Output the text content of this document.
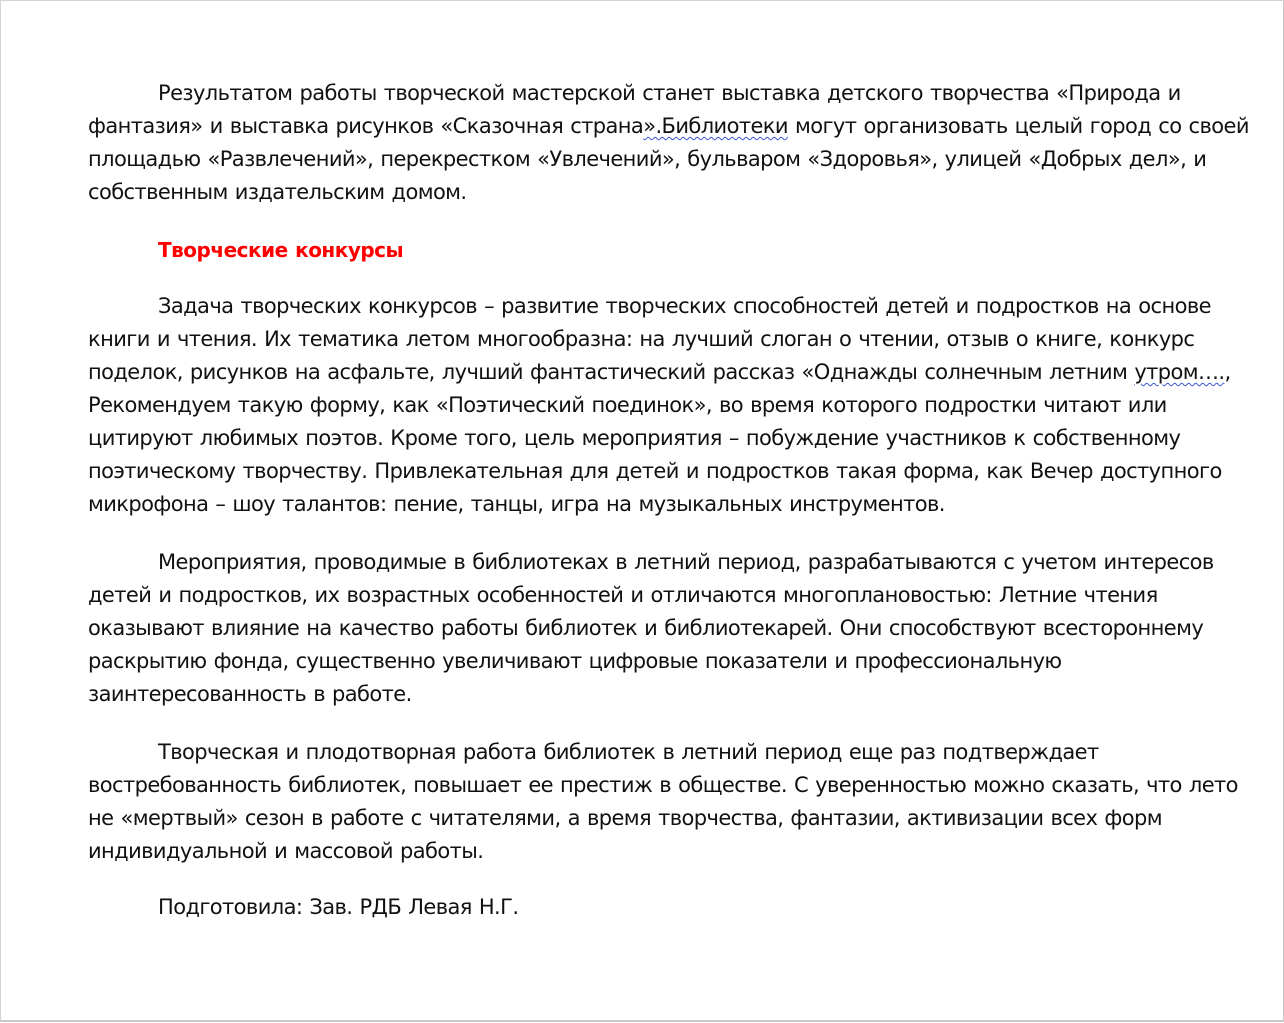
Результатом работы творческой мастерской станет выставка детского творчества «Природа и
фантазия» и выставка рисунков «Сказочная страна».Библиотеки могут организовать целый город со своей
площадью «Развлечений», перекрестком «Увлечений», бульваром «Здоровья», улицей «Добрых дел», и
собственным издательским домом.
Творческие конкурсы
Задача творческих конкурсов – развитие творческих способностей детей и подростков на основе
книги и чтения. Их тематика летом многообразна: на лучший слоган о чтении, отзыв о книге, конкурс
поделок, рисунков на асфальте, лучший фантастический рассказ «Однажды солнечным летним утром….,
Рекомендуем такую форму, как «Поэтический поединок», во время которого подростки читают или
цитируют любимых поэтов. Кроме того, цель мероприятия – побуждение участников к собственному
поэтическому творчеству. Привлекательная для детей и подростков такая форма, как Вечер доступного
микрофона – шоу талантов: пение, танцы, игра на музыкальных инструментов.
Мероприятия, проводимые в библиотеках в летний период, разрабатываются с учетом интересов
детей и подростков, их возрастных особенностей и отличаются многоплановостью: Летние чтения
оказывают влияние на качество работы библиотек и библиотекарей. Они способствуют всестороннему
раскрытию фонда, существенно увеличивают цифровые показатели и профессиональную
заинтересованность в работе.
Творческая и плодотворная работа библиотек в летний период еще раз подтверждает
востребованность библиотек, повышает ее престиж в обществе. С уверенностью можно сказать, что лето
не «мертвый» сезон в работе с читателями, а время творчества, фантазии, активизации всех форм
индивидуальной и массовой работы.
Подготовила: Зав. РДБ Левая Н.Г.
